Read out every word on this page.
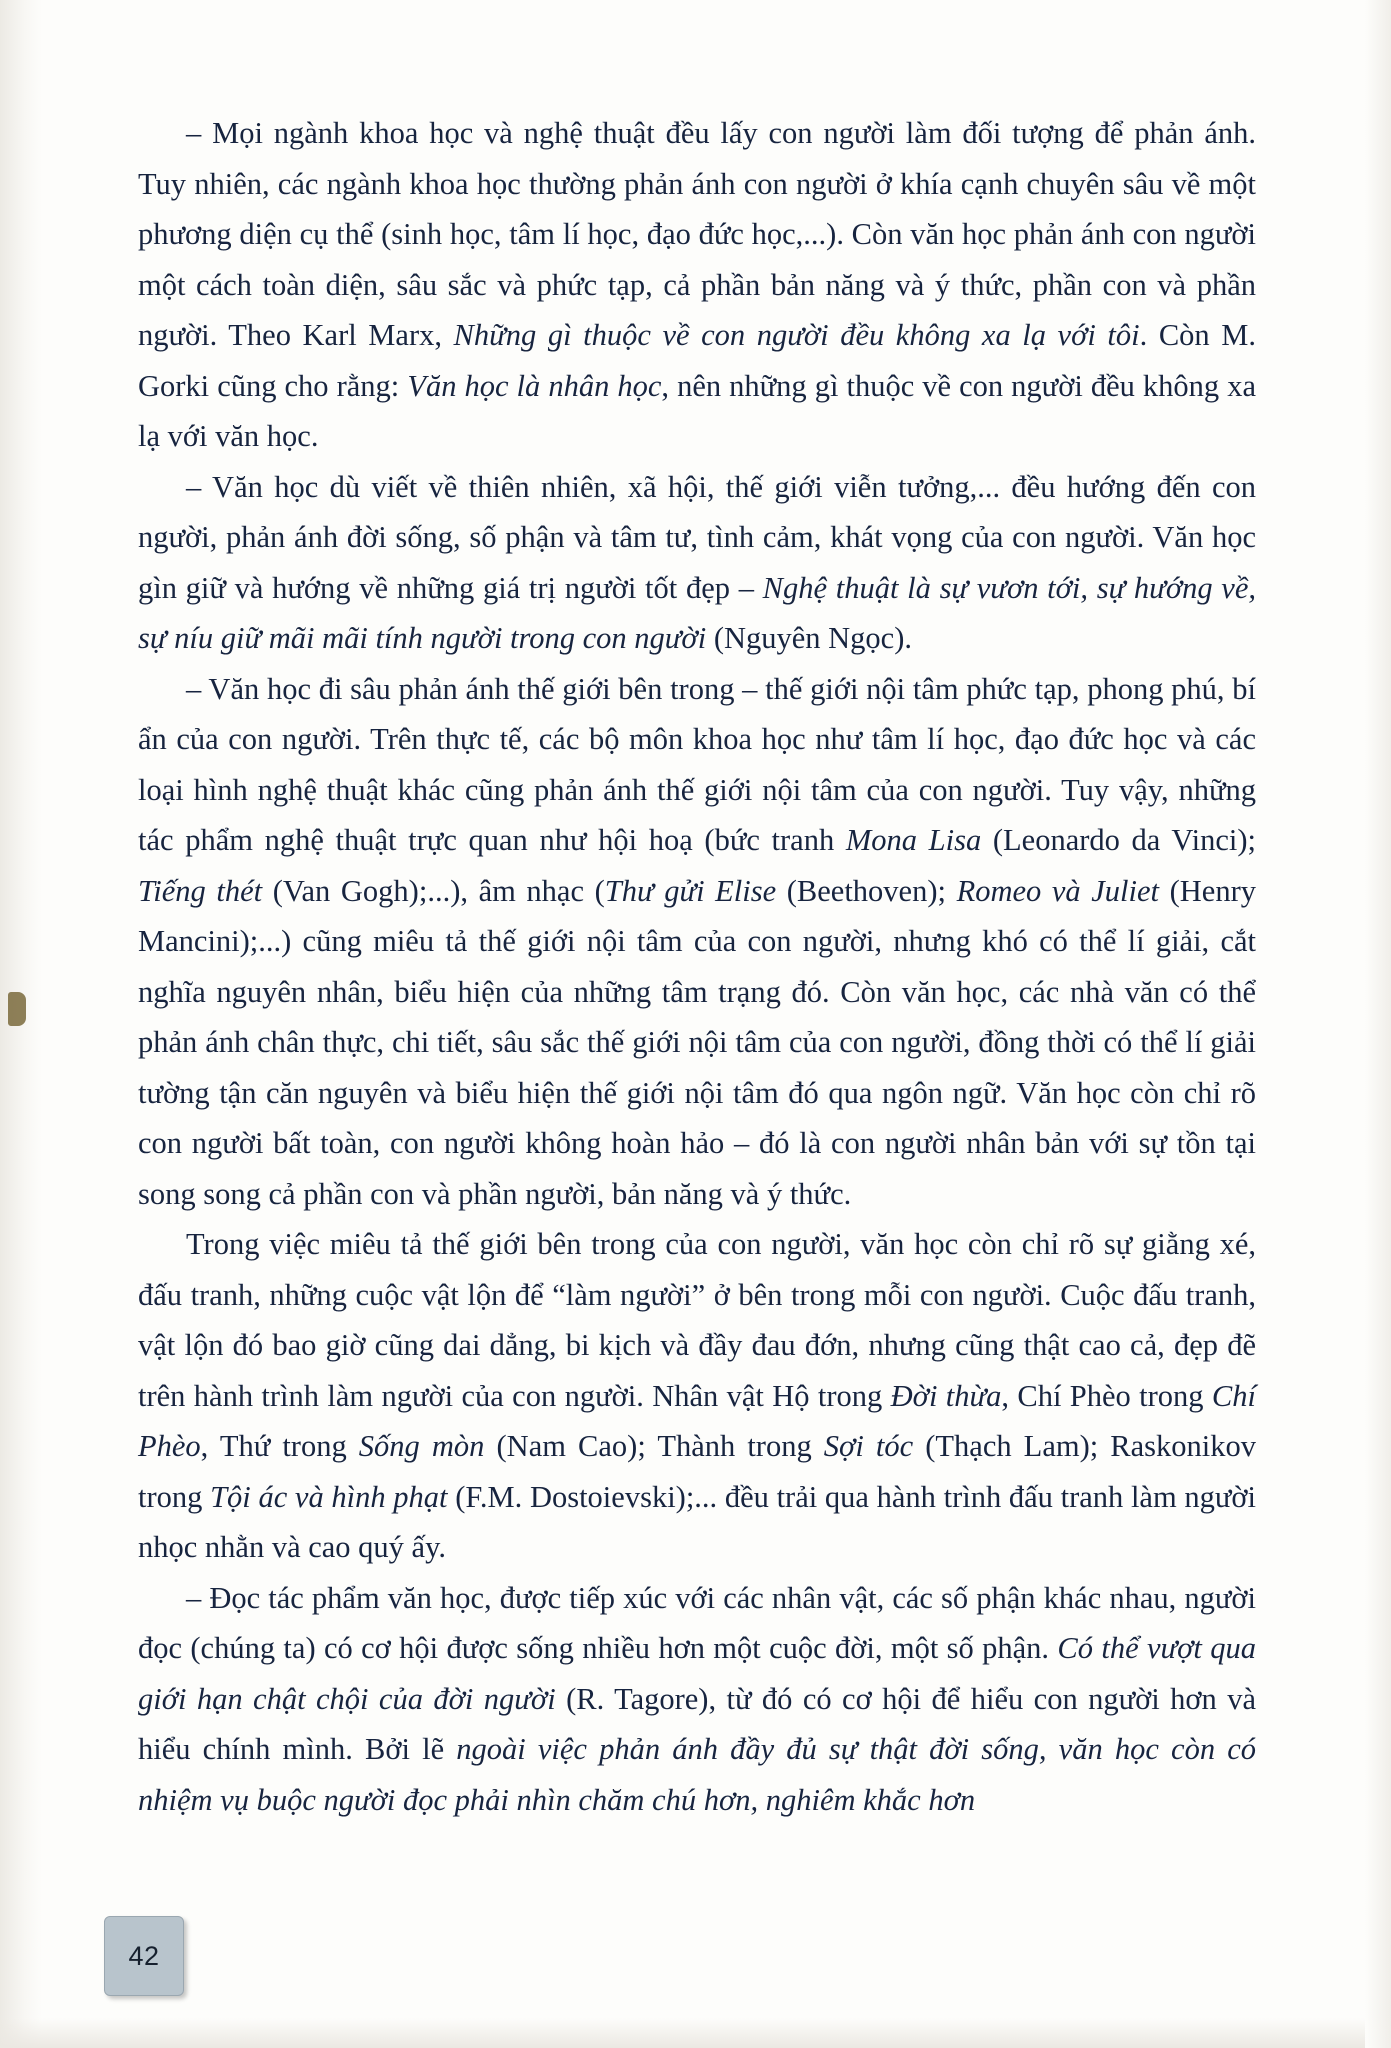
– Mọi ngành khoa học và nghệ thuật đều lấy con người làm đối tượng để phản ánh. Tuy nhiên, các ngành khoa học thường phản ánh con người ở khía cạnh chuyên sâu về một phương diện cụ thể (sinh học, tâm lí học, đạo đức học,...). Còn văn học phản ánh con người một cách toàn diện, sâu sắc và phức tạp, cả phần bản năng và ý thức, phần con và phần người. Theo Karl Marx, Những gì thuộc về con người đều không xa lạ với tôi. Còn M. Gorki cũng cho rằng: Văn học là nhân học, nên những gì thuộc về con người đều không xa lạ với văn học.

– Văn học dù viết về thiên nhiên, xã hội, thế giới viễn tưởng,... đều hướng đến con người, phản ánh đời sống, số phận và tâm tư, tình cảm, khát vọng của con người. Văn học gìn giữ và hướng về những giá trị người tốt đẹp – Nghệ thuật là sự vươn tới, sự hướng về, sự níu giữ mãi mãi tính người trong con người (Nguyên Ngọc).

– Văn học đi sâu phản ánh thế giới bên trong – thế giới nội tâm phức tạp, phong phú, bí ẩn của con người. Trên thực tế, các bộ môn khoa học như tâm lí học, đạo đức học và các loại hình nghệ thuật khác cũng phản ánh thế giới nội tâm của con người. Tuy vậy, những tác phẩm nghệ thuật trực quan như hội hoạ (bức tranh Mona Lisa (Leonardo da Vinci); Tiếng thét (Van Gogh);...), âm nhạc (Thư gửi Elise (Beethoven); Romeo và Juliet (Henry Mancini);...) cũng miêu tả thế giới nội tâm của con người, nhưng khó có thể lí giải, cắt nghĩa nguyên nhân, biểu hiện của những tâm trạng đó. Còn văn học, các nhà văn có thể phản ánh chân thực, chi tiết, sâu sắc thế giới nội tâm của con người, đồng thời có thể lí giải tường tận căn nguyên và biểu hiện thế giới nội tâm đó qua ngôn ngữ. Văn học còn chỉ rõ con người bất toàn, con người không hoàn hảo – đó là con người nhân bản với sự tồn tại song song cả phần con và phần người, bản năng và ý thức.

Trong việc miêu tả thế giới bên trong của con người, văn học còn chỉ rõ sự giằng xé, đấu tranh, những cuộc vật lộn để “làm người” ở bên trong mỗi con người. Cuộc đấu tranh, vật lộn đó bao giờ cũng dai dẳng, bi kịch và đầy đau đớn, nhưng cũng thật cao cả, đẹp đẽ trên hành trình làm người của con người. Nhân vật Hộ trong Đời thừa, Chí Phèo trong Chí Phèo, Thứ trong Sống mòn (Nam Cao); Thành trong Sợi tóc (Thạch Lam); Raskonikov trong Tội ác và hình phạt (F.M. Dostoievski);... đều trải qua hành trình đấu tranh làm người nhọc nhằn và cao quý ấy.

– Đọc tác phẩm văn học, được tiếp xúc với các nhân vật, các số phận khác nhau, người đọc (chúng ta) có cơ hội được sống nhiều hơn một cuộc đời, một số phận. Có thể vượt qua giới hạn chật chội của đời người (R. Tagore), từ đó có cơ hội để hiểu con người hơn và hiểu chính mình. Bởi lẽ ngoài việc phản ánh đầy đủ sự thật đời sống, văn học còn có nhiệm vụ buộc người đọc phải nhìn chăm chú hơn, nghiêm khắc hơn

42
